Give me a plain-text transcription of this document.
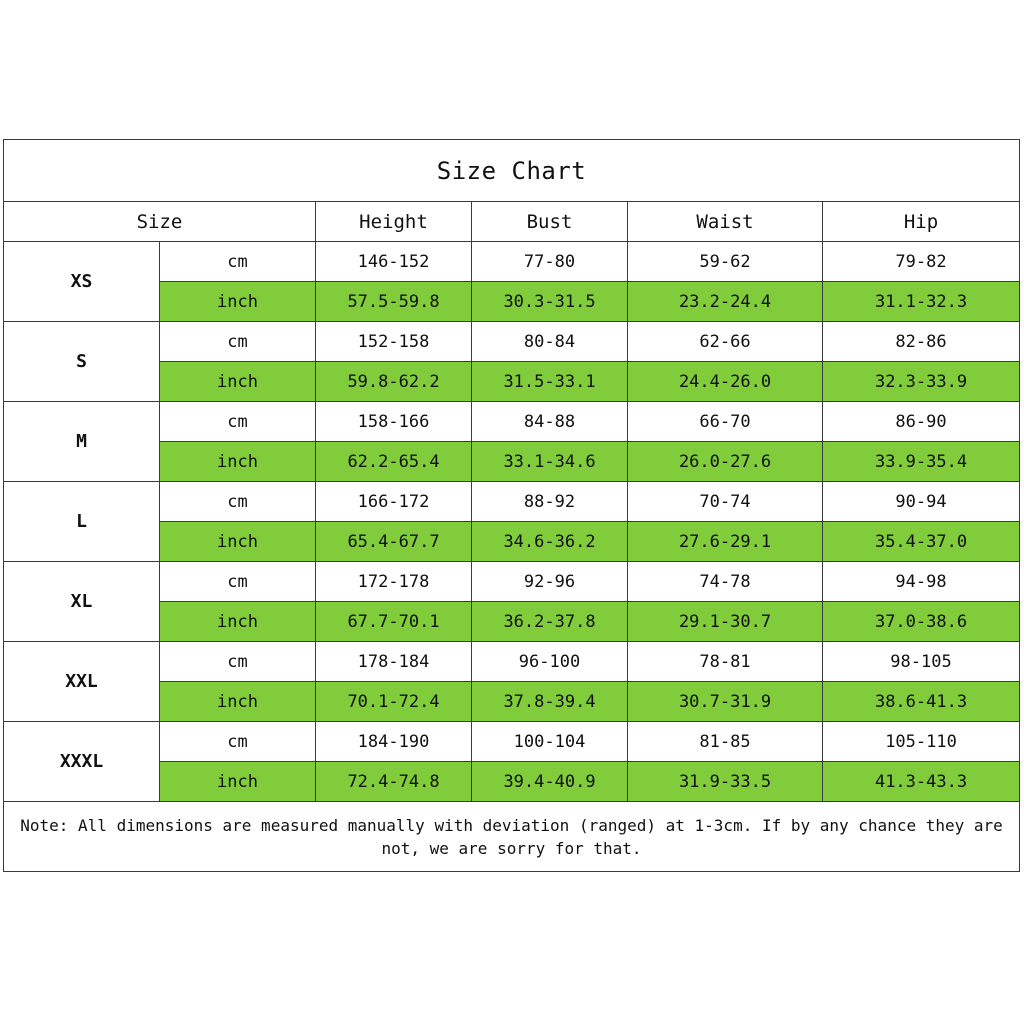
Size Chart					
Size		Height	Bust	Waist	Hip
XS	cm	146-152	77-80	59-62	79-82
	inch	57.5-59.8	30.3-31.5	23.2-24.4	31.1-32.3
S	cm	152-158	80-84	62-66	82-86
	inch	59.8-62.2	31.5-33.1	24.4-26.0	32.3-33.9
M	cm	158-166	84-88	66-70	86-90
	inch	62.2-65.4	33.1-34.6	26.0-27.6	33.9-35.4
L	cm	166-172	88-92	70-74	90-94
	inch	65.4-67.7	34.6-36.2	27.6-29.1	35.4-37.0
XL	cm	172-178	92-96	74-78	94-98
	inch	67.7-70.1	36.2-37.8	29.1-30.7	37.0-38.6
XXL	cm	178-184	96-100	78-81	98-105
	inch	70.1-72.4	37.8-39.4	30.7-31.9	38.6-41.3
XXXL	cm	184-190	100-104	81-85	105-110
	inch	72.4-74.8	39.4-40.9	31.9-33.5	41.3-43.3
Note: All dimensions are measured manually with deviation (ranged) at 1-3cm. If by any chance they are not, we are sorry for that.					
